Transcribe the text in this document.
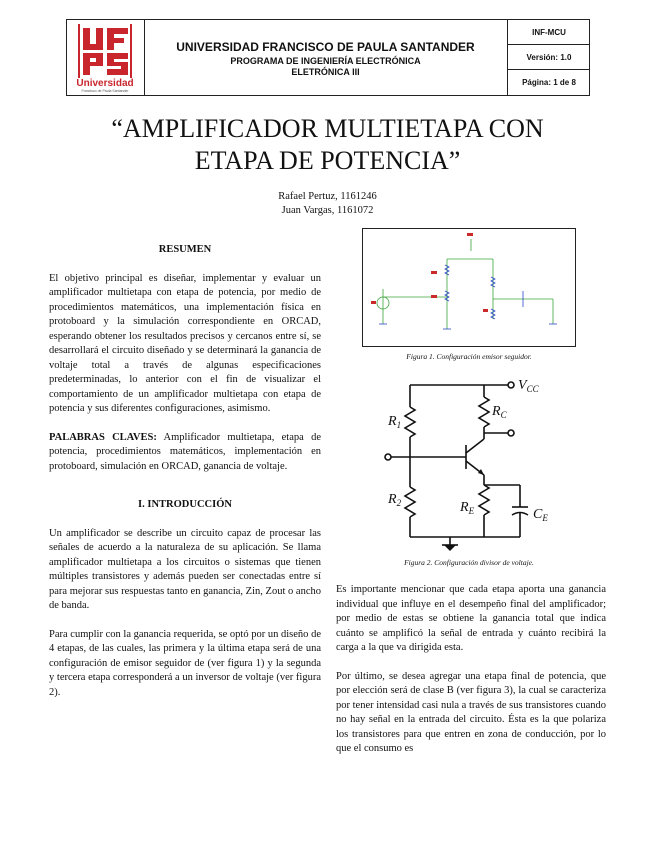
Universidad
Francisco de Paula Santander
UNIVERSIDAD FRANCISCO DE PAULA SANTANDER
PROGRAMA DE INGENIERÍA ELECTRÓNICA
ELETRÓNICA III
INF-MCU
Versión: 1.0
Página: 1 de 8
“AMPLIFICADOR MULTIETAPA CON
ETAPA DE POTENCIA”
Rafael Pertuz, 1161246
Juan Vargas, 1161072
RESUMEN

El objetivo principal es diseñar, implementar y evaluar un amplificador multietapa con etapa de potencia, por medio de procedimientos matemáticos, una implementación física en protoboard y la simulación correspondiente en ORCAD, esperando obtener los resultados precisos y cercanos entre sí, se desarrollará el circuito diseñado y se determinará la ganancia de voltaje total a través de algunas especificaciones predeterminadas, lo anterior con el fin de visualizar el comportamiento de un amplificador multietapa con etapa de potencia y sus diferentes configuraciones, asimismo.

PALABRAS CLAVES: Amplificador multietapa, etapa de potencia, procedimientos matemáticos, implementación en protoboard, simulación en ORCAD, ganancia de voltaje.

I. INTRODUCCIÓN

Un amplificador se describe un circuito capaz de procesar las señales de acuerdo a la naturaleza de su aplicación. Se llama amplificador multietapa a los circuitos o sistemas que tienen múltiples transistores y además pueden ser conectadas entre sí para mejorar sus respuestas tanto en ganancia, Zin, Zout o ancho de banda.

Para cumplir con la ganancia requerida, se optó por un diseño de 4 etapas, de las cuales, las primera y la última etapa será de una configuración de emisor seguidor de (ver figura 1) y la segunda y tercera etapa corresponderá a un inversor de voltaje (ver figura 2).

Figura 1. Configuración emisor seguidor.
$V_{CC}$
$R_1$
$R_2$
$R_C$
$R_E$	$C_E$
Figura 2. Configuración divisor de voltaje.

Es importante mencionar que cada etapa aporta una ganancia individual que influye en el desempeño final del amplificador; por medio de estas se obtiene la ganancia total que indica cuánto se amplificó la señal de entrada y cuánto recibirá la carga a la que va dirigida esta.

Por último, se desea agregar una etapa final de potencia, que por elección será de clase B (ver figura 3), la cual se caracteriza por tener intensidad casi nula a través de sus transistores cuando no hay señal en la entrada del circuito. Ésta es la que polariza los transistores para que entren en zona de conducción, por lo que el consumo es
